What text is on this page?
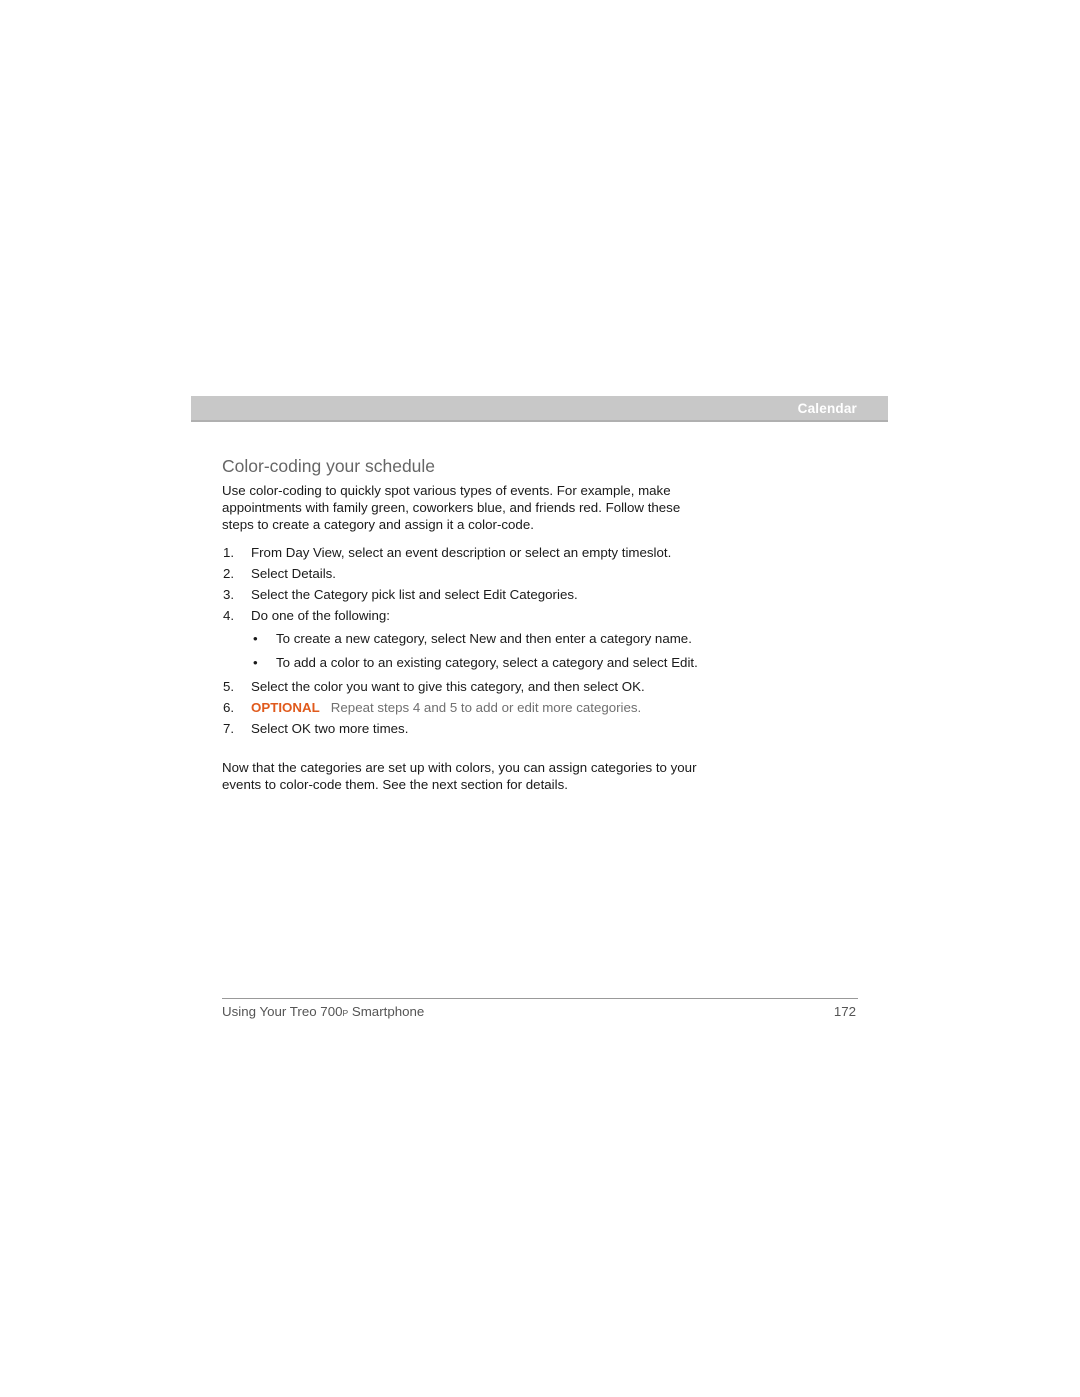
Calendar
Color-coding your schedule

Use color-coding to quickly spot various types of events. For example, make appointments with family green, coworkers blue, and friends red. Follow these steps to create a category and assign it a color-code.

1. From Day View, select an event description or select an empty timeslot.
2. Select Details.
3. Select the Category pick list and select Edit Categories.
4. Do one of the following:
• To create a new category, select New and then enter a category name.
• To add a color to an existing category, select a category and select Edit.
5. Select the color you want to give this category, and then select OK.
6. OPTIONAL Repeat steps 4 and 5 to add or edit more categories.
7. Select OK two more times.

Now that the categories are set up with colors, you can assign categories to your events to color-code them. See the next section for details.

Using Your Treo 700P Smartphone	172
